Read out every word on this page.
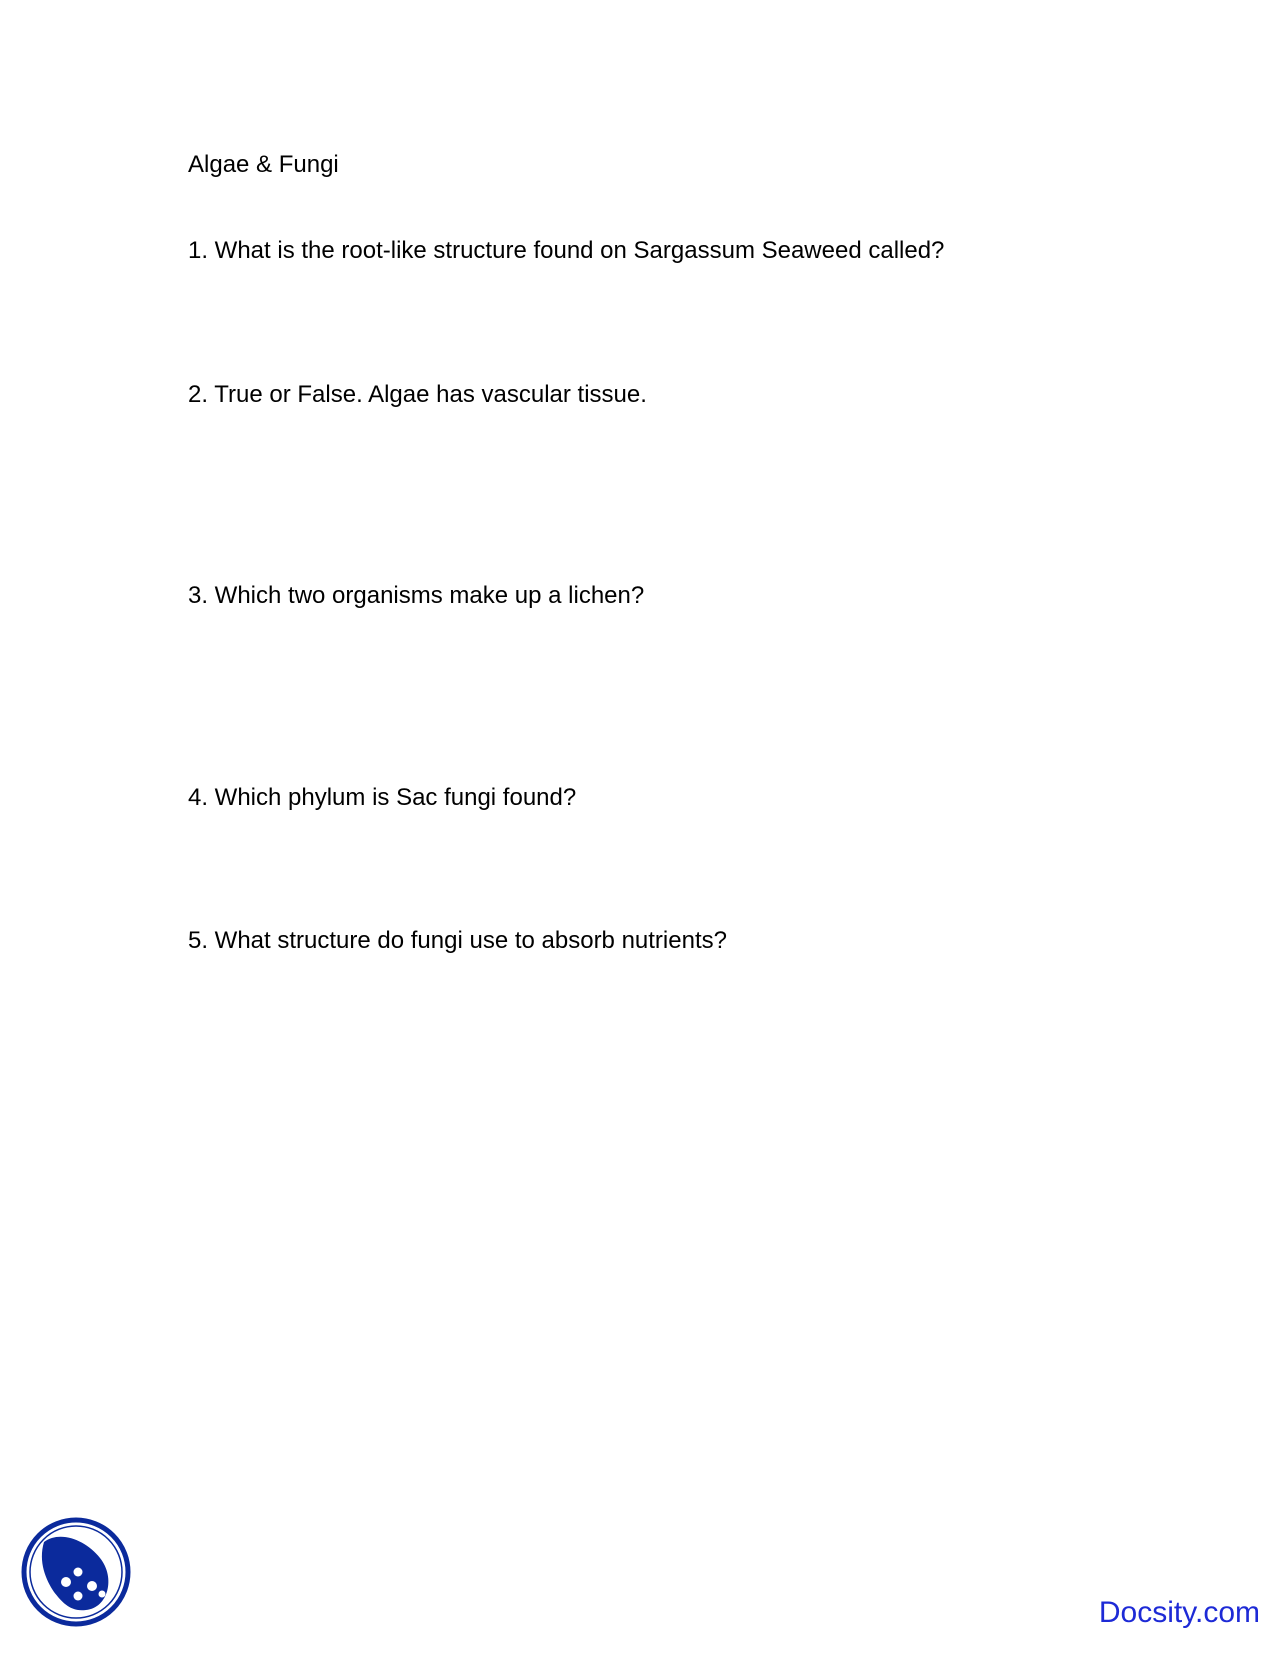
Algae & Fungi

1. What is the root-like structure found on Sargassum Seaweed called?

2. True or False. Algae has vascular tissue.

3. Which two organisms make up a lichen?

4. Which phylum is Sac fungi found?

5. What structure do fungi use to absorb nutrients?

Docsity.com
